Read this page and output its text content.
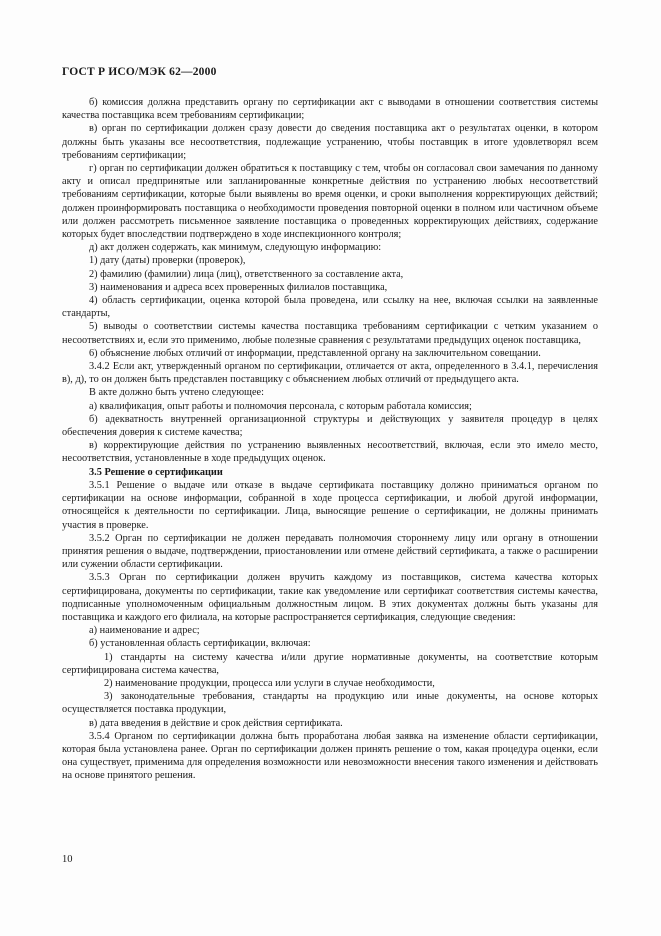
ГОСТ Р ИСО/МЭК 62—2000

б) комиссия должна представить органу по сертификации акт с выводами в отношении соответствия системы качества поставщика всем требованиям сертификации;

в) орган по сертификации должен сразу довести до сведения поставщика акт о результатах оценки, в котором должны быть указаны все несоответствия, подлежащие устранению, чтобы поставщик в итоге удовлетворял всем требованиям сертификации;

г) орган по сертификации должен обратиться к поставщику с тем, чтобы он согласовал свои замечания по данному акту и описал предпринятые или запланированные конкретные действия по устранению любых несоответствий требованиям сертификации, которые были выявлены во время оценки, и сроки выполнения корректирующих действий; должен проинформировать поставщика о необходимости проведения повторной оценки в полном или частичном объеме или должен рассмотреть письменное заявление поставщика о проведенных корректирующих действиях, содержание которых будет впоследствии подтверждено в ходе инспекционного контроля;

д) акт должен содержать, как минимум, следующую информацию:

1) дату (даты) проверки (проверок),

2) фамилию (фамилии) лица (лиц), ответственного за составление акта,

3) наименования и адреса всех проверенных филиалов поставщика,

4) область сертификации, оценка которой была проведена, или ссылку на нее, включая ссылки на заявленные стандарты,

5) выводы о соответствии системы качества поставщика требованиям сертификации с четким указанием о несоответствиях и, если это применимо, любые полезные сравнения с результатами предыдущих оценок поставщика,

6) объяснение любых отличий от информации, представленной органу на заключительном совещании.

3.4.2 Если акт, утвержденный органом по сертификации, отличается от акта, определенного в 3.4.1, перечисления в), д), то он должен быть представлен поставщику с объяснением любых отличий от предыдущего акта.

В акте должно быть учтено следующее:

а) квалификация, опыт работы и полномочия персонала, с которым работала комиссия;

б) адекватность внутренней организационной структуры и действующих у заявителя процедур в целях обеспечения доверия к системе качества;

в) корректирующие действия по устранению выявленных несоответствий, включая, если это имело место, несоответствия, установленные в ходе предыдущих оценок.

3.5 Решение о сертификации

3.5.1 Решение о выдаче или отказе в выдаче сертификата поставщику должно приниматься органом по сертификации на основе информации, собранной в ходе процесса сертификации, и любой другой информации, относящейся к деятельности по сертификации. Лица, выносящие решение о сертификации, не должны принимать участия в проверке.

3.5.2 Орган по сертификации не должен передавать полномочия стороннему лицу или органу в отношении принятия решения о выдаче, подтверждении, приостановлении или отмене действий сертификата, а также о расширении или сужении области сертификации.

3.5.3 Орган по сертификации должен вручить каждому из поставщиков, система качества которых сертифицирована, документы по сертификации, такие как уведомление или сертификат соответствия системы качества, подписанные уполномоченным официальным должностным лицом. В этих документах должны быть указаны для поставщика и каждого его филиала, на которые распространяется сертификация, следующие сведения:

а) наименование и адрес;

б) установленная область сертификации, включая:

1) стандарты на систему качества и/или другие нормативные документы, на соответствие которым сертифицирована система качества,

2) наименование продукции, процесса или услуги в случае необходимости,

3) законодательные требования, стандарты на продукцию или иные документы, на основе которых осуществляется поставка продукции,

в) дата введения в действие и срок действия сертификата.

3.5.4 Органом по сертификации должна быть проработана любая заявка на изменение области сертификации, которая была установлена ранее. Орган по сертификации должен принять решение о том, какая процедура оценки, если она существует, применима для определения возможности или невозможности внесения такого изменения и действовать на основе принятого решения.

10
